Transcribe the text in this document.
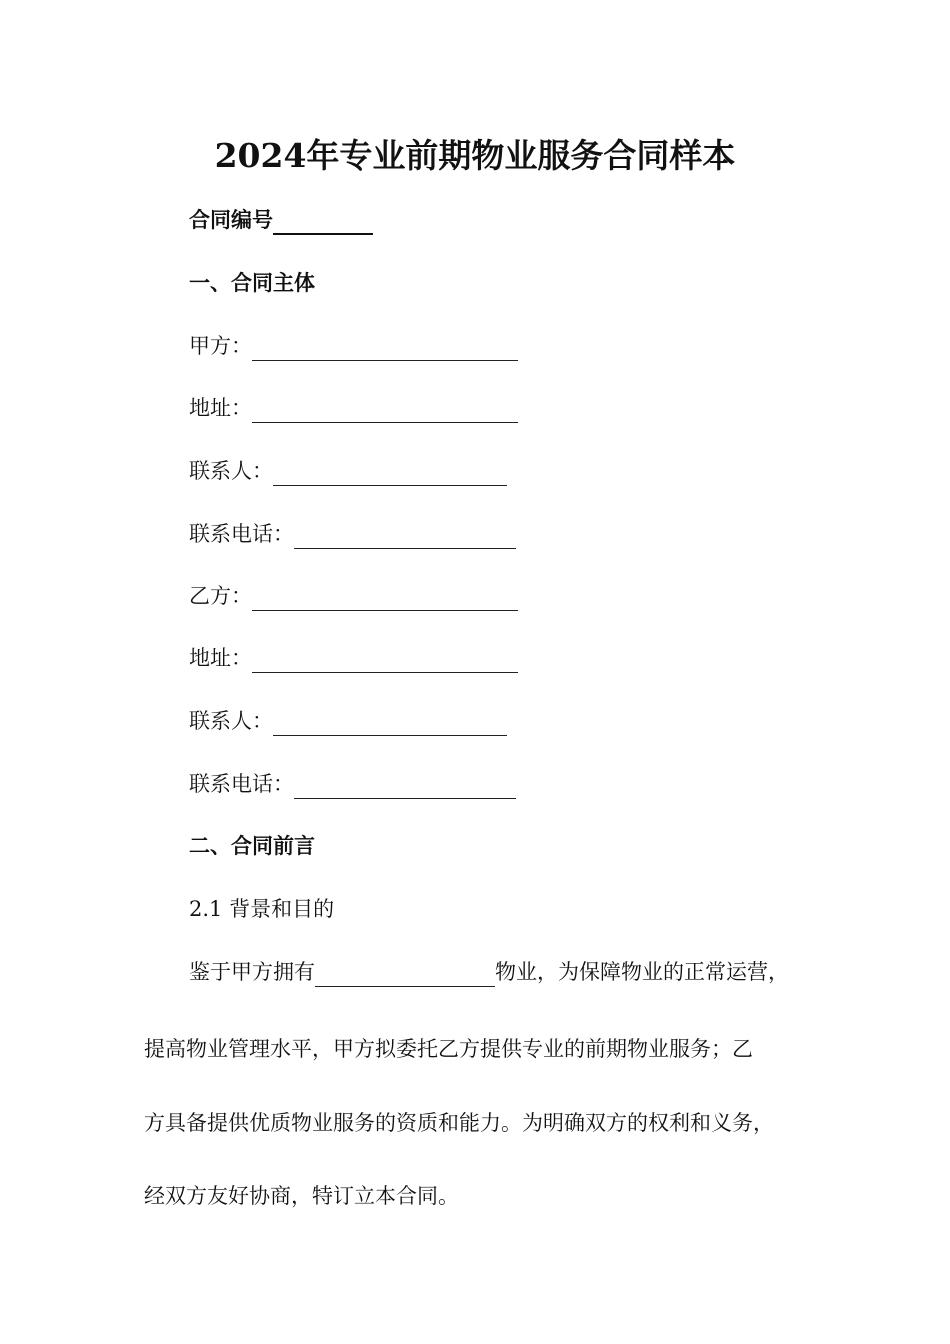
2024年专业前期物业服务合同样本
合同编号
一、合同主体
甲方：
地址：
联系人：
联系电话：
乙方：
地址：
联系人：
联系电话：
二、合同前言
2.1 背景和目的
鉴于甲方拥有	物业，为保障物业的正常运营，
提高物业管理水平，甲方拟委托乙方提供专业的前期物业服务；乙
方具备提供优质物业服务的资质和能力。为明确双方的权利和义务，
经双方友好协商，特订立本合同。
